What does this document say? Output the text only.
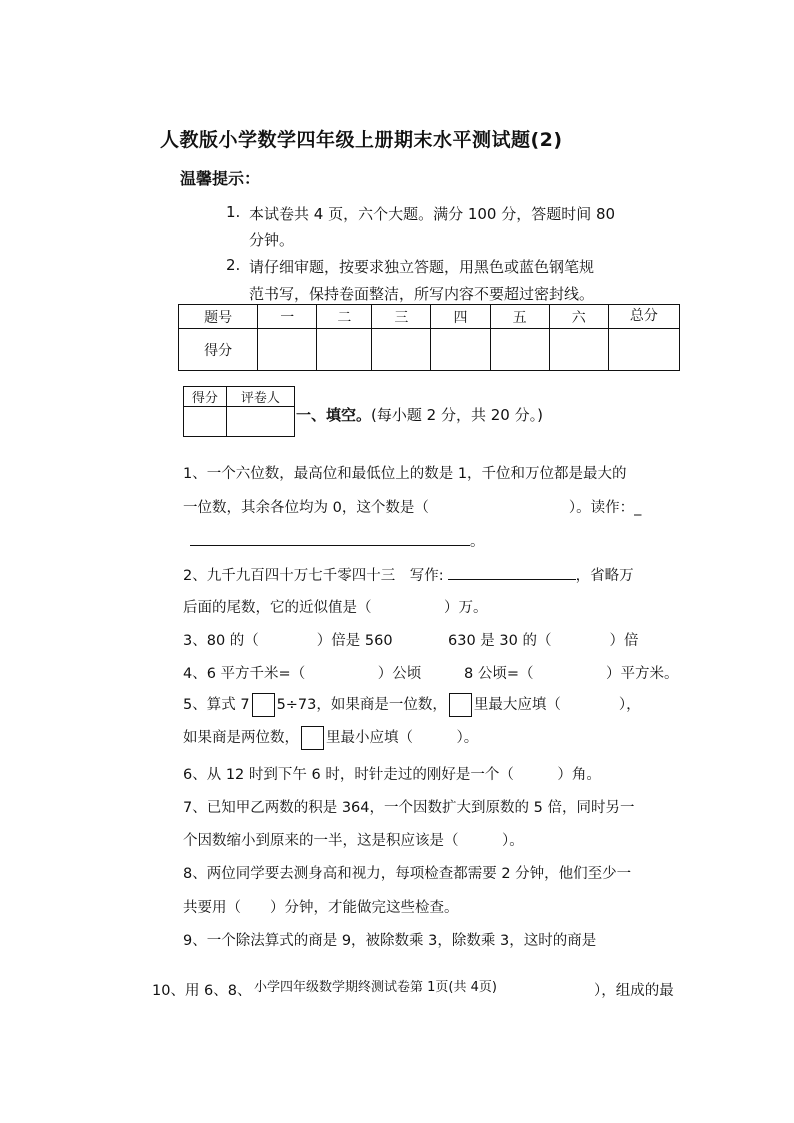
人教版小学数学四年级上册期末水平测试题(2)
温馨提示：
1. 本试卷共 4 页，六个大题。满分 100 分，答题时间 80
分钟。
2. 请仔细审题，按要求独立答题，用黑色或蓝色钢笔规
范书写，保持卷面整洁，所写内容不要超过密封线。
题号	一	二	三	四	五	六	总分
得分							
得分	评卷人

一、填空。(每小题 2 分，共 20 分。)
1、一个六位数，最高位和最低位上的数是 1，千位和万位都是最大的
一位数，其余各位均为 0，这个数是（	）。读作：_
。
2、九千九百四十万七千零四十三　写作:	，省略万
后面的尾数，它的近似值是（　　　　　）万。
3、80 的（　　　　）倍是 560	630 是 30 的（　　　　）倍
4、6 平方千米=（　　　　　）公顷	8 公顷=（　　　　　）平方米。
5、算式 7 5÷73，如果商是一位数， 里最大应填（　　　　），
如果商是两位数， 里最小应填（　　　）。
6、从 12 时到下午 6 时，时针走过的刚好是一个（　　　）角。
7、已知甲乙两数的积是 364，一个因数扩大到原数的 5 倍，同时另一
个因数缩小到原来的一半，这是积应该是（　　　）。
8、两位同学要去测身高和视力，每项检查都需要 2 分钟，他们至少一
共要用（　　）分钟，才能做完这些检查。
9、一个除法算式的商是 9，被除数乘 3，除数乘 3，这时的商是
10、用 6、8、	），组成的最
小学四年级数学期终测试卷第 1页(共 4页)
